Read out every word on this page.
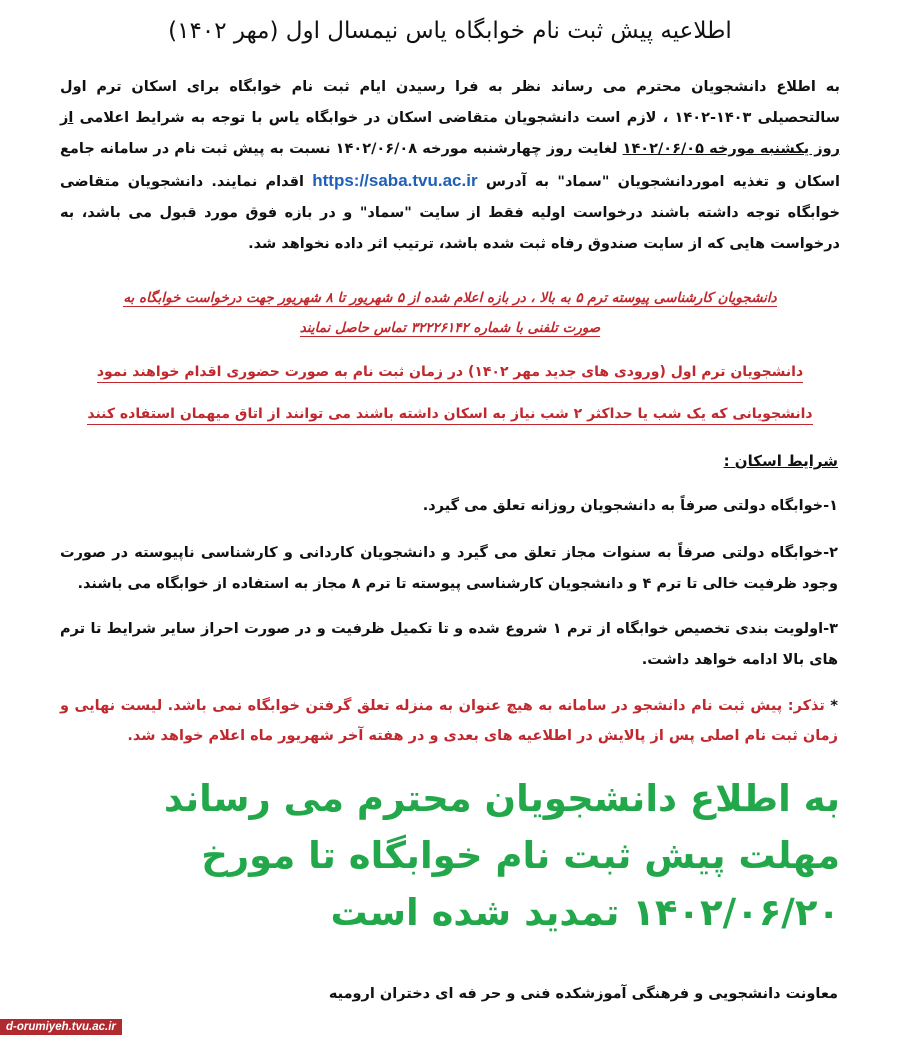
اطلاعیه پیش ثبت نام خوابگاه یاس نیمسال اول (مهر ۱۴۰۲)
به اطلاع دانشجویان محترم می رساند نظر به فرا رسیدن ایام ثبت نام خوابگاه برای اسکان ترم اول سالتحصیلی ۱۴۰۳-۱۴۰۲ ، لازم است دانشجویان متقاضی اسکان در خوابگاه یاس با توجه به شرایط اعلامی از روز یکشنبه مورخه ۱۴۰۲/۰۶/۰۵ لغایت روز چهارشنبه مورخه ۱۴۰۲/۰۶/۰۸ نسبت به پیش ثبت نام در سامانه جامع اسکان و تغذیه اموردانشجویان "سماد" به آدرس https://saba.tvu.ac.ir اقدام نمایند. دانشجویان متقاضی خوابگاه توجه داشته باشند درخواست اولیه فقط از سایت "سماد" و در بازه فوق مورد قبول می باشد، به درخواست هایی که از سایت صندوق رفاه ثبت شده باشد، ترتیب اثر داده نخواهد شد.
دانشجویان کارشناسی پیوسته ترم ۵ به بالا ، در بازه اعلام شده از ۵ شهریور تا ۸ شهریور جهت درخواست خوابگاه به
صورت تلفنی با شماره ۳۲۲۲۶۱۴۲ تماس حاصل نمایند
دانشجویان ترم اول (ورودی های جدید مهر ۱۴۰۲) در زمان ثبت نام به صورت حضوری اقدام خواهند نمود
دانشجویانی که یک شب یا حداکثر ۲ شب نیاز به اسکان داشته باشند می توانند از اتاق میهمان استفاده کنند
شرایط اسکان :
۱-خوابگاه دولتی صرفاً به دانشجویان روزانه تعلق می گیرد.
۲-خوابگاه دولتی صرفاً به سنوات مجاز تعلق می گیرد و دانشجویان کاردانی و کارشناسی ناپیوسته در صورت وجود ظرفیت خالی تا ترم ۴ و دانشجویان کارشناسی پیوسته تا ترم ۸ مجاز به استفاده از خوابگاه می باشند.
۳-اولویت بندی تخصیص خوابگاه از ترم ۱ شروع شده و تا تکمیل ظرفیت و در صورت احراز سایر شرایط تا ترم های بالا ادامه خواهد داشت.
* تذکر: پیش ثبت نام دانشجو در سامانه به هیچ عنوان به منزله تعلق گرفتن خوابگاه نمی باشد. لیست نهایی و زمان ثبت نام اصلی پس از پالایش در اطلاعیه های بعدی و در هفته آخر شهریور ماه اعلام خواهد شد.
به اطلاع دانشجویان محترم می رساند مهلت پیش ثبت نام خوابگاه تا مورخ ۱۴۰۲/۰۶/۲۰ تمدید شده است
معاونت دانشجویی و فرهنگی آموزشکده فنی و حر فه ای دختران ارومیه
d-orumiyeh.tvu.ac.ir
